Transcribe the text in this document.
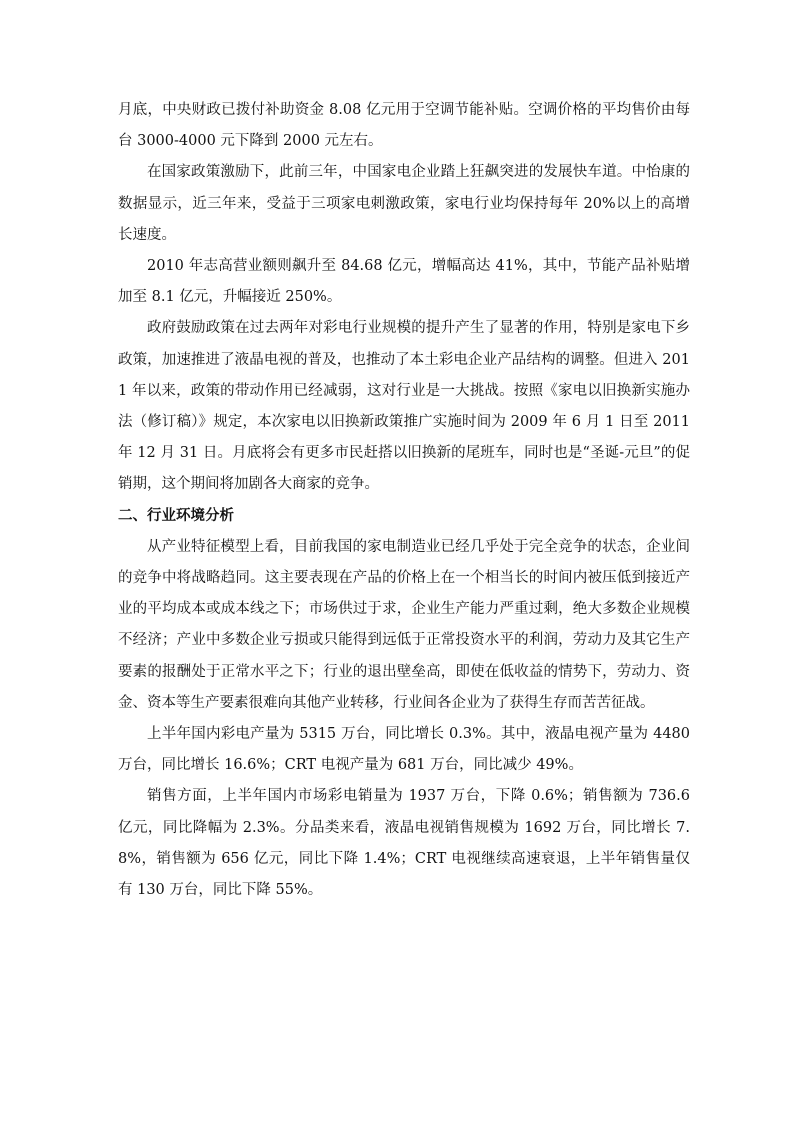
月底，中央财政已拨付补助资金 8.08 亿元用于空调节能补贴。空调价格的平均售价由每台 3000-4000 元下降到 2000 元左右。

在国家政策激励下，此前三年，中国家电企业踏上狂飙突进的发展快车道。中怡康的数据显示，近三年来，受益于三项家电刺激政策，家电行业均保持每年 20%以上的高增长速度。

2010 年志高营业额则飙升至 84.68 亿元，增幅高达 41%，其中，节能产品补贴增加至 8.1 亿元，升幅接近 250%。

政府鼓励政策在过去两年对彩电行业规模的提升产生了显著的作用，特别是家电下乡政策，加速推进了液晶电视的普及，也推动了本土彩电企业产品结构的调整。但进入 2011 年以来，政策的带动作用已经减弱，这对行业是一大挑战。按照《家电以旧换新实施办法（修订稿）》规定，本次家电以旧换新政策推广实施时间为 2009 年 6 月 1 日至 2011 年 12 月 31 日。月底将会有更多市民赶搭以旧换新的尾班车，同时也是“圣诞-元旦”的促销期，这个期间将加剧各大商家的竞争。

二、行业环境分析

从产业特征模型上看，目前我国的家电制造业已经几乎处于完全竞争的状态，企业间的竞争中将战略趋同。这主要表现在产品的价格上在一个相当长的时间内被压低到接近产业的平均成本或成本线之下；市场供过于求，企业生产能力严重过剩，绝大多数企业规模不经济；产业中多数企业亏损或只能得到远低于正常投资水平的利润，劳动力及其它生产要素的报酬处于正常水平之下；行业的退出壁垒高，即使在低收益的情势下，劳动力、资金、资本等生产要素很难向其他产业转移，行业间各企业为了获得生存而苦苦征战。

上半年国内彩电产量为 5315 万台，同比增长 0.3%。其中，液晶电视产量为 4480 万台，同比增长 16.6%；CRT 电视产量为 681 万台，同比减少 49%。

销售方面，上半年国内市场彩电销量为 1937 万台，下降 0.6%；销售额为 736.6 亿元，同比降幅为 2.3%。分品类来看，液晶电视销售规模为 1692 万台，同比增长 7.8%，销售额为 656 亿元，同比下降 1.4%；CRT 电视继续高速衰退，上半年销售量仅有 130 万台，同比下降 55%。
